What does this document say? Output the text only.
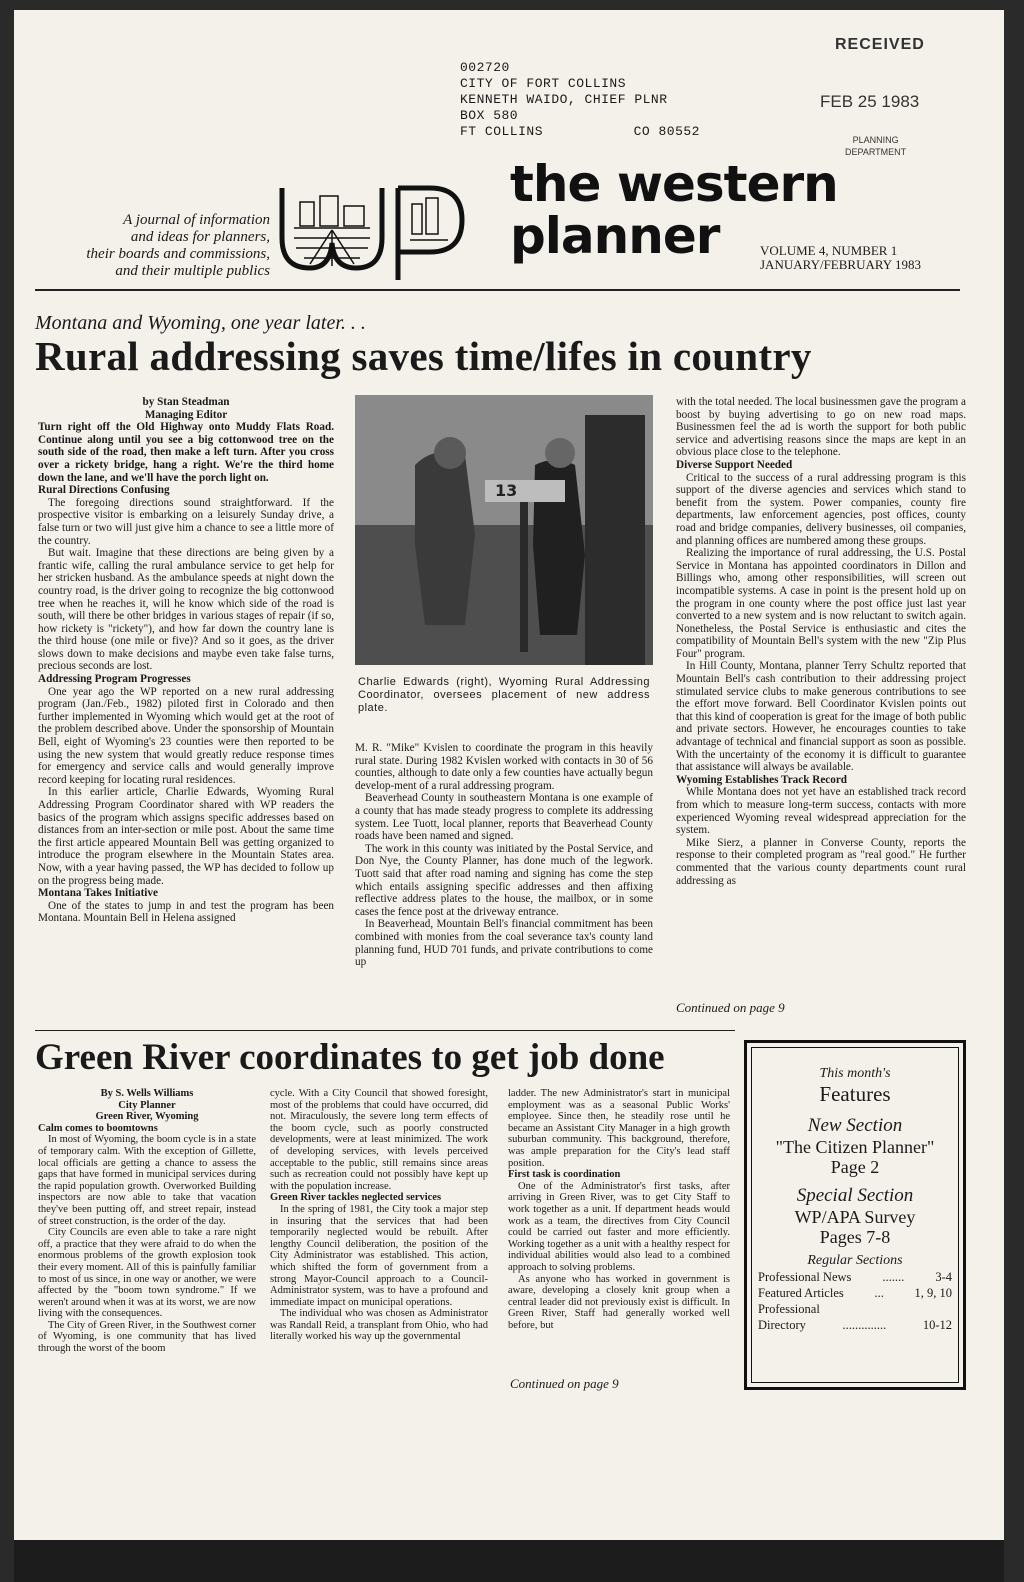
002720
CITY OF FORT COLLINS
KENNETH WAIDO, CHIEF PLNR
BOX 580
FT COLLINS	CO 80552
RECEIVED
FEB 25 1983
PLANNING
DEPARTMENT
A journal of information
and ideas for planners,
their boards and commissions,
and their multiple publics
the western
planner	VOLUME 4, NUMBER 1
JANUARY/FEBRUARY 1983
Montana and Wyoming, one year later. . .
Rural addressing saves time/lifes in country

by Stan Steadman

Managing Editor

Turn right off the Old Highway onto Muddy Flats Road. Continue along until you see a big cottonwood tree on the south side of the road, then make a left turn. After you cross over a rickety bridge, hang a right. We're the third home down the lane, and we'll have the porch light on.

Rural Directions Confusing

The foregoing directions sound straightforward. If the prospective visitor is embarking on a leisurely Sunday drive, a false turn or two will just give him a chance to see a little more of the country.

But wait. Imagine that these directions are being given by a frantic wife, calling the rural ambulance service to get help for her stricken husband. As the ambulance speeds at night down the country road, is the driver going to recognize the big cottonwood tree when he reaches it, will he know which side of the road is south, will there be other bridges in various stages of repair (if so, how rickety is "rickety"), and how far down the country lane is the third house (one mile or five)? And so it goes, as the driver slows down to make decisions and maybe even take false turns, precious seconds are lost.

Addressing Program Progresses

One year ago the WP reported on a new rural addressing program (Jan./Feb., 1982) piloted first in Colorado and then further implemented in Wyoming which would get at the root of the problem described above. Under the sponsorship of Mountain Bell, eight of Wyoming's 23 counties were then reported to be using the new system that would greatly reduce response times for emergency and service calls and would generally improve record keeping for locating rural residences.

In this earlier article, Charlie Edwards, Wyoming Rural Addressing Program Coordinator shared with WP readers the basics of the program which assigns specific addresses based on distances from an inter-section or mile post. About the same time the first article appeared Mountain Bell was getting organized to introduce the program elsewhere in the Mountain States area. Now, with a year having passed, the WP has decided to follow up on the progress being made.

Montana Takes Initiative

One of the states to jump in and test the program has been Montana. Mountain Bell in Helena assigned

13
Charlie Edwards (right), Wyoming Rural Addressing Coordinator, oversees placement of new address plate.

M. R. "Mike" Kvislen to coordinate the program in this heavily rural state. During 1982 Kvislen worked with contacts in 30 of 56 counties, although to date only a few counties have actually begun develop-ment of a rural addressing program.

Beaverhead County in southeastern Montana is one example of a county that has made steady progress to complete its addressing system. Lee Tuott, local planner, reports that Beaverhead County roads have been named and signed.

The work in this county was initiated by the Postal Service, and Don Nye, the County Planner, has done much of the legwork. Tuott said that after road naming and signing has come the step which entails assigning specific addresses and then affixing reflective address plates to the house, the mailbox, or in some cases the fence post at the driveway entrance.

In Beaverhead, Mountain Bell's financial commitment has been combined with monies from the coal severance tax's county land planning fund, HUD 701 funds, and private contributions to come up

with the total needed. The local businessmen gave the program a boost by buying advertising to go on new road maps. Businessmen feel the ad is worth the support for both public service and advertising reasons since the maps are kept in an obvious place close to the telephone.

Diverse Support Needed

Critical to the success of a rural addressing program is this support of the diverse agencies and services which stand to benefit from the system. Power companies, county fire departments, law enforcement agencies, post offices, county road and bridge companies, delivery businesses, oil companies, and planning offices are numbered among these groups.

Realizing the importance of rural addressing, the U.S. Postal Service in Montana has appointed coordinators in Dillon and Billings who, among other responsibilities, will screen out incompatible systems. A case in point is the present hold up on the program in one county where the post office just last year converted to a new system and is now reluctant to switch again. Nonetheless, the Postal Service is enthusiastic and cites the compatibility of Mountain Bell's system with the new "Zip Plus Four" program.

In Hill County, Montana, planner Terry Schultz reported that Mountain Bell's cash contribution to their addressing project stimulated service clubs to make generous contributions to see the effort move forward. Bell Coordinator Kvislen points out that this kind of cooperation is great for the image of both public and private sectors. However, he encourages counties to take advantage of technical and financial support as soon as possible. With the uncertainty of the economy it is difficult to guarantee that assistance will always be available.

Wyoming Establishes Track Record

While Montana does not yet have an established track record from which to measure long-term success, contacts with more experienced Wyoming reveal widespread appreciation for the system.

Mike Sierz, a planner in Converse County, reports the response to their completed program as "real good." He further commented that the various county departments count rural addressing as

Continued on page 9
Green River coordinates to get job done

By S. Wells Williams

City Planner

Green River, Wyoming

Calm comes to boomtowns

In most of Wyoming, the boom cycle is in a state of temporary calm. With the exception of Gillette, local officials are getting a chance to assess the gaps that have formed in municipal services during the rapid population growth. Overworked Building inspectors are now able to take that vacation they've been putting off, and street repair, instead of street construction, is the order of the day.

City Councils are even able to take a rare night off, a practice that they were afraid to do when the enormous problems of the growth explosion took their every moment. All of this is painfully familiar to most of us since, in one way or another, we were affected by the "boom town syndrome." If we weren't around when it was at its worst, we are now living with the consequences.

The City of Green River, in the Southwest corner of Wyoming, is one community that has lived through the worst of the boom

cycle. With a City Council that showed foresight, most of the problems that could have occurred, did not. Miraculously, the severe long term effects of the boom cycle, such as poorly constructed developments, were at least minimized. The work of developing services, with levels perceived acceptable to the public, still remains since areas such as recreation could not possibly have kept up with the population increase.

Green River tackles neglected services

In the spring of 1981, the City took a major step in insuring that the services that had been temporarily neglected would be rebuilt. After lengthy Council deliberation, the position of the City Administrator was established. This action, which shifted the form of government from a strong Mayor-Council approach to a Council-Administrator system, was to have a profound and immediate impact on municipal operations.

The individual who was chosen as Administrator was Randall Reid, a transplant from Ohio, who had literally worked his way up the governmental

ladder. The new Administrator's start in municipal employment was as a seasonal Public Works' employee. Since then, he steadily rose until he became an Assistant City Manager in a high growth suburban community. This background, therefore, was ample preparation for the City's lead staff position.

First task is coordination

One of the Administrator's first tasks, after arriving in Green River, was to get City Staff to work together as a unit. If department heads would work as a team, the directives from City Council could be carried out faster and more efficiently. Working together as a unit with a healthy respect for individual abilities would also lead to a combined approach to solving problems.

As anyone who has worked in government is aware, developing a closely knit group when a central leader did not previously exist is difficult. In Green River, Staff had generally worked well before, but

Continued on page 9
This month's
Features
New Section
"The Citizen Planner"
Page 2
Special Section
WP/APA Survey
Pages 7-8
Regular Sections
Professional News ....... 3-4
Featured Articles ... 1, 9, 10
Professional
Directory	..............	10-12
